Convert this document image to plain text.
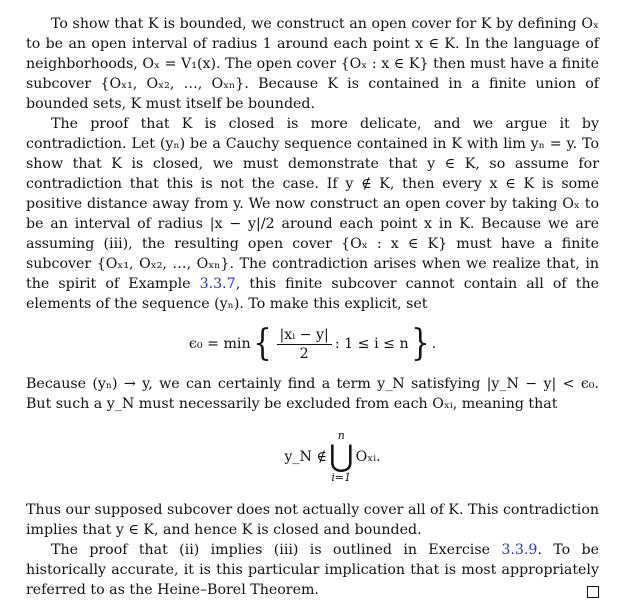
To show that K is bounded, we construct an open cover for K by defining Oₓ to be an open interval of radius 1 around each point x ∈ K. In the language of neighborhoods, Oₓ = V₁(x). The open cover {Oₓ : x ∈ K} then must have a finite subcover {Oₓ₁, Oₓ₂, …, Oₓₙ}. Because K is contained in a finite union of bounded sets, K must itself be bounded.

The proof that K is closed is more delicate, and we argue it by contradiction. Let (yₙ) be a Cauchy sequence contained in K with lim yₙ = y. To show that K is closed, we must demonstrate that y ∈ K, so assume for contradiction that this is not the case. If y ∉ K, then every x ∈ K is some positive distance away from y. We now construct an open cover by taking Oₓ to be an interval of radius |x − y|/2 around each point x in K. Because we are assuming (iii), the resulting open cover {Oₓ : x ∈ K} must have a finite subcover {Oₓ₁, Oₓ₂, …, Oₓₙ}. The contradiction arises when we realize that, in the spirit of Example 3.3.7, this finite subcover cannot contain all of the elements of the sequence (yₙ). To make this explicit, set

ϵ₀ = min { $\frac{\text{|xᵢ − y|}}{2}$ : 1 ≤ i ≤ n } .

Because (yₙ) → y, we can certainly find a term y_N satisfying |y_N − y| < ϵ₀. But such a y_N must necessarily be excluded from each Oₓᵢ, meaning that

y_N ∉
n
⋃
i=1
Oₓᵢ.

Thus our supposed subcover does not actually cover all of K. This contradiction implies that y ∈ K, and hence K is closed and bounded.

The proof that (ii) implies (iii) is outlined in Exercise 3.3.9. To be historically accurate, it is this particular implication that is most appropriately referred to as the Heine–Borel Theorem.
